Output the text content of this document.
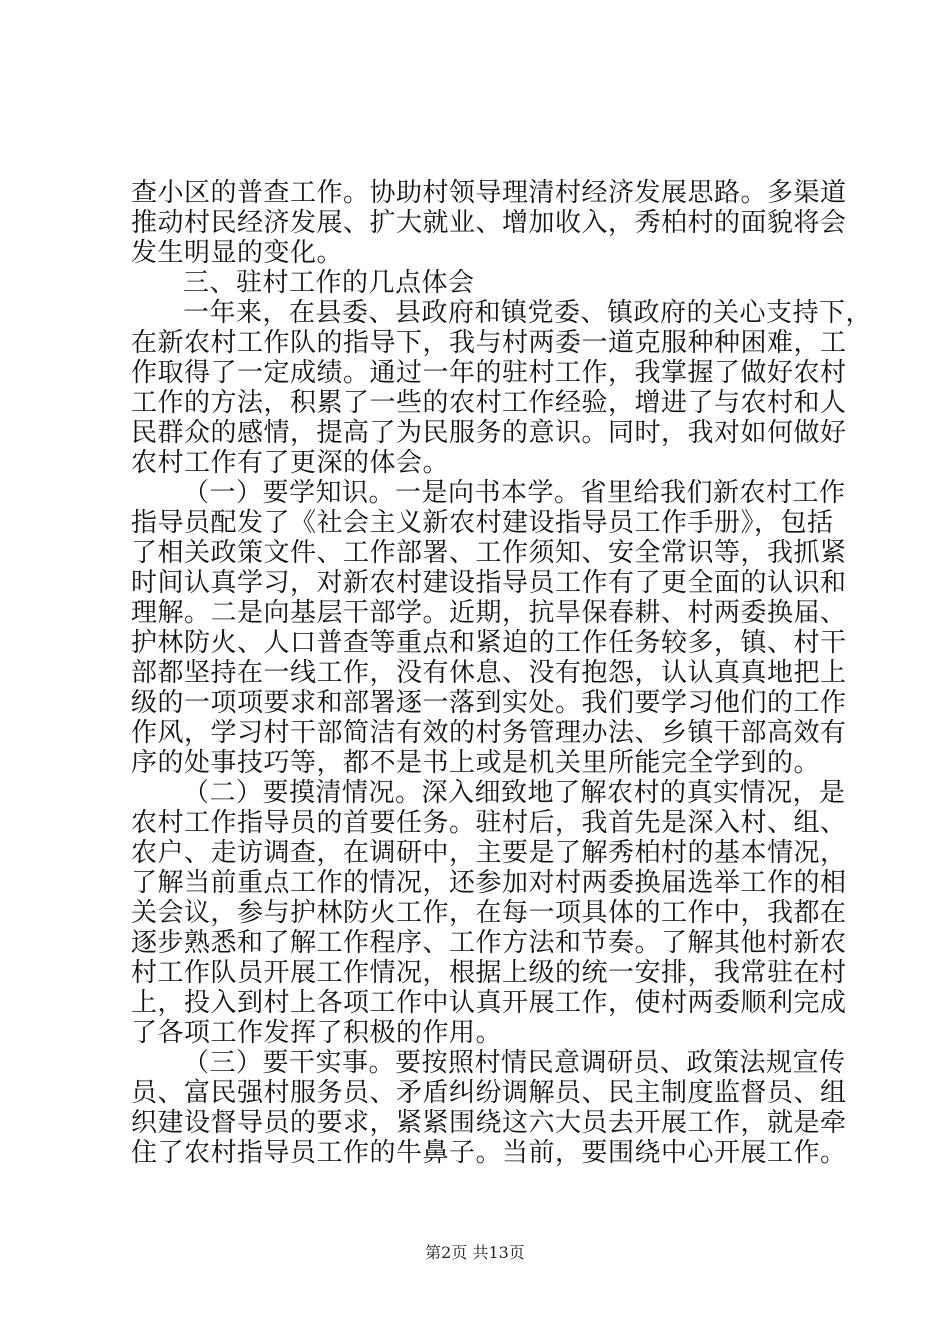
查小区的普查工作。协助村领导理清村经济发展思路。多渠道
推动村民经济发展、扩大就业、增加收入，秀柏村的面貌将会
发生明显的变化。
三、驻村工作的几点体会
一年来，在县委、县政府和镇党委、镇政府的关心支持下，
在新农村工作队的指导下，我与村两委一道克服种种困难，工
作取得了一定成绩。通过一年的驻村工作，我掌握了做好农村
工作的方法，积累了一些的农村工作经验，增进了与农村和人
民群众的感情，提高了为民服务的意识。同时，我对如何做好
农村工作有了更深的体会。
（一）要学知识。一是向书本学。省里给我们新农村工作
指导员配发了《社会主义新农村建设指导员工作手册》，包括
了相关政策文件、工作部署、工作须知、安全常识等，我抓紧
时间认真学习，对新农村建设指导员工作有了更全面的认识和
理解。二是向基层干部学。近期，抗旱保春耕、村两委换届、
护林防火、人口普查等重点和紧迫的工作任务较多，镇、村干
部都坚持在一线工作，没有休息、没有抱怨，认认真真地把上
级的一项项要求和部署逐一落到实处。我们要学习他们的工作
作风，学习村干部简洁有效的村务管理办法、乡镇干部高效有
序的处事技巧等，都不是书上或是机关里所能完全学到的。
（二）要摸清情况。深入细致地了解农村的真实情况，是
农村工作指导员的首要任务。驻村后，我首先是深入村、组、
农户、走访调查，在调研中，主要是了解秀柏村的基本情况，
了解当前重点工作的情况，还参加对村两委换届选举工作的相
关会议，参与护林防火工作，在每一项具体的工作中，我都在
逐步熟悉和了解工作程序、工作方法和节奏。了解其他村新农
村工作队员开展工作情况，根据上级的统一安排，我常驻在村
上，投入到村上各项工作中认真开展工作，使村两委顺利完成
了各项工作发挥了积极的作用。
（三）要干实事。要按照村情民意调研员、政策法规宣传
员、富民强村服务员、矛盾纠纷调解员、民主制度监督员、组
织建设督导员的要求，紧紧围绕这六大员去开展工作，就是牵
住了农村指导员工作的牛鼻子。当前，要围绕中心开展工作。
第2页 共13页
